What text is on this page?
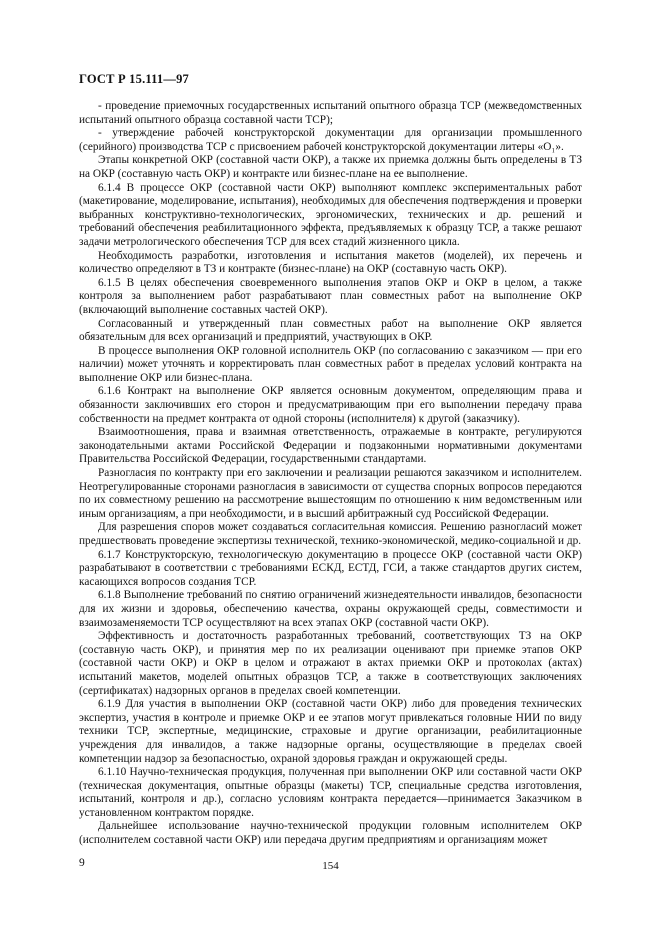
ГОСТ Р 15.111—97

- проведение приемочных государственных испытаний опытного образца ТСР (межведомственных испытаний опытного образца составной части ТСР);

- утверждение рабочей конструкторской документации для организации промышленного (серийного) производства ТСР с присвоением рабочей конструкторской документации литеры «О₁».

Этапы конкретной ОКР (составной части ОКР), а также их приемка должны быть определены в ТЗ на ОКР (составную часть ОКР) и контракте или бизнес-плане на ее выполнение.

6.1.4 В процессе ОКР (составной части ОКР) выполняют комплекс экспериментальных работ (макетирование, моделирование, испытания), необходимых для обеспечения подтверждения и проверки выбранных конструктивно-технологических, эргономических, технических и др. решений и требований обеспечения реабилитационного эффекта, предъявляемых к образцу ТСР, а также решают задачи метрологического обеспечения ТСР для всех стадий жизненного цикла.

Необходимость разработки, изготовления и испытания макетов (моделей), их перечень и количество определяют в ТЗ и контракте (бизнес-плане) на ОКР (составную часть ОКР).

6.1.5 В целях обеспечения своевременного выполнения этапов ОКР и ОКР в целом, а также контроля за выполнением работ разрабатывают план совместных работ на выполнение ОКР (включающий выполнение составных частей ОКР).

Согласованный и утвержденный план совместных работ на выполнение ОКР является обязательным для всех организаций и предприятий, участвующих в ОКР.

В процессе выполнения ОКР головной исполнитель ОКР (по согласованию с заказчиком — при его наличии) может уточнять и корректировать план совместных работ в пределах условий контракта на выполнение ОКР или бизнес-плана.

6.1.6 Контракт на выполнение ОКР является основным документом, определяющим права и обязанности заключивших его сторон и предусматривающим при его выполнении передачу права собственности на предмет контракта от одной стороны (исполнителя) к другой (заказчику).

Взаимоотношения, права и взаимная ответственность, отражаемые в контракте, регулируются законодательными актами Российской Федерации и подзаконными нормативными документами Правительства Российской Федерации, государственными стандартами.

Разногласия по контракту при его заключении и реализации решаются заказчиком и исполнителем. Неотрегулированные сторонами разногласия в зависимости от существа спорных вопросов передаются по их совместному решению на рассмотрение вышестоящим по отношению к ним ведомственным или иным организациям, а при необходимости, и в высший арбитражный суд Российской Федерации.

Для разрешения споров может создаваться согласительная комиссия. Решению разногласий может предшествовать проведение экспертизы технической, технико-экономической, медико-социальной и др.

6.1.7 Конструкторскую, технологическую документацию в процессе ОКР (составной части ОКР) разрабатывают в соответствии с требованиями ЕСКД, ЕСТД, ГСИ, а также стандартов других систем, касающихся вопросов создания ТСР.

6.1.8 Выполнение требований по снятию ограничений жизнедеятельности инвалидов, безопасности для их жизни и здоровья, обеспечению качества, охраны окружающей среды, совместимости и взаимозаменяемости ТСР осуществляют на всех этапах ОКР (составной части ОКР).

Эффективность и достаточность разработанных требований, соответствующих ТЗ на ОКР (составную часть ОКР), и принятия мер по их реализации оценивают при приемке этапов ОКР (составной части ОКР) и ОКР в целом и отражают в актах приемки ОКР и протоколах (актах) испытаний макетов, моделей опытных образцов ТСР, а также в соответствующих заключениях (сертификатах) надзорных органов в пределах своей компетенции.

6.1.9 Для участия в выполнении ОКР (составной части ОКР) либо для проведения технических экспертиз, участия в контроле и приемке ОКР и ее этапов могут привлекаться головные НИИ по виду техники ТСР, экспертные, медицинские, страховые и другие организации, реабилитационные учреждения для инвалидов, а также надзорные органы, осуществляющие в пределах своей компетенции надзор за безопасностью, охраной здоровья граждан и окружающей среды.

6.1.10 Научно-техническая продукция, полученная при выполнении ОКР или составной части ОКР (техническая документация, опытные образцы (макеты) ТСР, специальные средства изготовления, испытаний, контроля и др.), согласно условиям контракта передается—принимается Заказчиком в установленном контрактом порядке.

Дальнейшее использование научно-технической продукции головным исполнителем ОКР (исполнителем составной части ОКР) или передача другим предприятиям и организациям может

9	154
